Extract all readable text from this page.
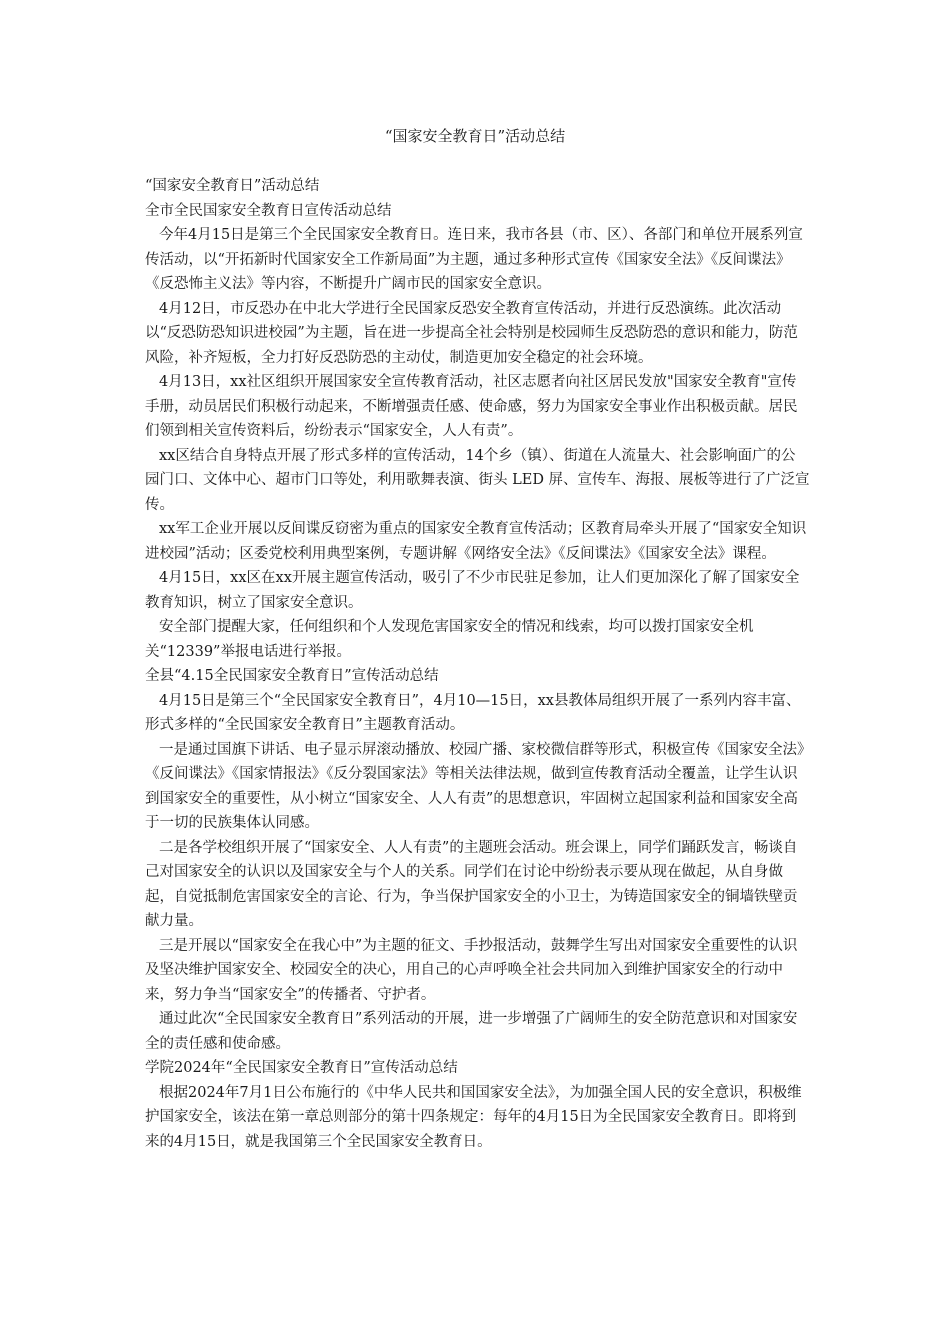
“国家安全教育日”活动总结

“国家安全教育日”活动总结

全市全民国家安全教育日宣传活动总结

今年4月15日是第三个全民国家安全教育日。连日来，我市各县（市、区）、各部门和单位开展系列宣传活动，以“开拓新时代国家安全工作新局面”为主题，通过多种形式宣传《国家安全法》《反间谍法》《反恐怖主义法》等内容，不断提升广阔市民的国家安全意识。

4月12日，市反恐办在中北大学进行全民国家反恐安全教育宣传活动，并进行反恐演练。此次活动以“反恐防恐知识进校园”为主题，旨在进一步提高全社会特别是校园师生反恐防恐的意识和能力，防范风险，补齐短板，全力打好反恐防恐的主动仗，制造更加安全稳定的社会环境。

4月13日，xx社区组织开展国家安全宣传教育活动，社区志愿者向社区居民发放"国家安全教育"宣传手册，动员居民们积极行动起来，不断增强责任感、使命感，努力为国家安全事业作出积极贡献。居民们领到相关宣传资料后，纷纷表示“国家安全，人人有责”。

xx区结合自身特点开展了形式多样的宣传活动，14个乡（镇）、街道在人流量大、社会影响面广的公园门口、文体中心、超市门口等处，利用歌舞表演、街头 LED 屏、宣传车、海报、展板等进行了广泛宣传。

xx军工企业开展以反间谍反窃密为重点的国家安全教育宣传活动；区教育局牵头开展了“国家安全知识进校园”活动；区委党校利用典型案例，专题讲解《网络安全法》《反间谍法》《国家安全法》课程。

4月15日，xx区在xx开展主题宣传活动，吸引了不少市民驻足参加，让人们更加深化了解了国家安全教育知识，树立了国家安全意识。

安全部门提醒大家，任何组织和个人发现危害国家安全的情况和线索，均可以拨打国家安全机关“12339”举报电话进行举报。

全县“4.15全民国家安全教育日”宣传活动总结

4月15日是第三个“全民国家安全教育日”，4月10—15日，xx县教体局组织开展了一系列内容丰富、形式多样的“全民国家安全教育日”主题教育活动。

一是通过国旗下讲话、电子显示屏滚动播放、校园广播、家校微信群等形式，积极宣传《国家安全法》《反间谍法》《国家情报法》《反分裂国家法》等相关法律法规，做到宣传教育活动全覆盖，让学生认识到国家安全的重要性，从小树立“国家安全、人人有责”的思想意识，牢固树立起国家利益和国家安全高于一切的民族集体认同感。

二是各学校组织开展了“国家安全、人人有责”的主题班会活动。班会课上，同学们踊跃发言，畅谈自己对国家安全的认识以及国家安全与个人的关系。同学们在讨论中纷纷表示要从现在做起，从自身做起，自觉抵制危害国家安全的言论、行为，争当保护国家安全的小卫士，为铸造国家安全的铜墙铁壁贡献力量。

三是开展以“国家安全在我心中”为主题的征文、手抄报活动，鼓舞学生写出对国家安全重要性的认识及坚决维护国家安全、校园安全的决心，用自己的心声呼唤全社会共同加入到维护国家安全的行动中来，努力争当“国家安全”的传播者、守护者。

通过此次“全民国家安全教育日”系列活动的开展，进一步增强了广阔师生的安全防范意识和对国家安全的责任感和使命感。

学院2024年“全民国家安全教育日”宣传活动总结

根据2024年7月1日公布施行的《中华人民共和国国家安全法》，为加强全国人民的安全意识，积极维护国家安全，该法在第一章总则部分的第十四条规定：每年的4月15日为全民国家安全教育日。即将到来的4月15日，就是我国第三个全民国家安全教育日。
